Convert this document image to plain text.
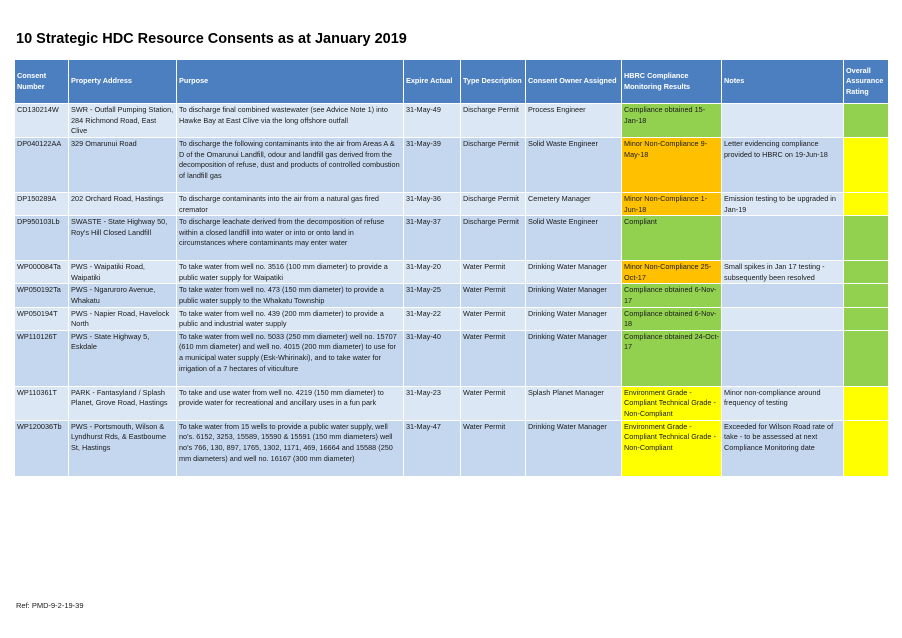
10 Strategic HDC Resource Consents as at January 2019
Consent Number	Property Address	Purpose	Expire Actual	Type Description	Consent Owner Assigned	HBRC Compliance Monitoring Results	Notes	Overall Assurance Rating
CD130214W	SWR - Outfall Pumping Station, 284 Richmond Road, East Clive	To discharge final combined wastewater (see Advice Note 1) into Hawke Bay at East Clive via the long offshore outfall	31-May-49	Discharge Permit	Process Engineer	Compliance obtained 15-Jan-18		
DP040122AA	329 Omarunui Road	To discharge the following contaminants into the air from Areas A & D of the Omarunui Landfill, odour and landfill gas derived from the decomposition of refuse, dust and products of controlled combustion of landfill gas	31-May-39	Discharge Permit	Solid Waste Engineer	Minor Non-Compliance 9-May-18	Letter evidencing compliance provided to HBRC on 19-Jun-18	
DP150289A	202 Orchard Road, Hastings	To discharge contaminants into the air from a natural gas fired cremator	31-May-36	Discharge Permit	Cemetery Manager	Minor Non-Compliance 1-Jun-18	Emission testing to be upgraded in Jan-19	
DP950103Lb	SWASTE - State Highway 50, Roy's Hill Closed Landfill	To discharge leachate derived from the decomposition of refuse within a closed landfill into water or into or onto land in circumstances where contaminants may enter water	31-May-37	Discharge Permit	Solid Waste Engineer	Compliant		
WP000084Ta	PWS - Waipatiki Road, Waipatiki	To take water from well no. 3516 (100 mm diameter) to provide a public water supply for Waipatiki	31-May-20	Water Permit	Drinking Water Manager	Minor Non-Compliance 25-Oct-17	Small spikes in Jan 17 testing - subsequently been resolved	
WP050192Ta	PWS - Ngaruroro Avenue, Whakatu	To take water from well no. 473 (150 mm diameter) to provide a public water supply to the Whakatu Township	31-May-25	Water Permit	Drinking Water Manager	Compliance obtained 6-Nov-17		
WP050194T	PWS - Napier Road, Havelock North	To take water from well no. 439 (200 mm diameter) to provide a public and industrial water supply	31-May-22	Water Permit	Drinking Water Manager	Compliance obtained 6-Nov-18		
WP110126T	PWS - State Highway 5, Eskdale	To take water from well no. 5033 (250 mm diameter) well no. 15707 (610 mm diameter) and well no. 4015 (200 mm diameter) to use for a municipal water supply (Esk-Whirinaki), and to take water for irrigation of a 7 hectares of viticulture	31-May-40	Water Permit	Drinking Water Manager	Compliance obtained 24-Oct-17		
WP110361T	PARK - Fantasyland / Splash Planet, Grove Road, Hastings	To take and use water from well no. 4219 (150 mm diameter) to provide water for recreational and ancillary uses in a fun park	31-May-23	Water Permit	Splash Planet Manager	Environment Grade - Compliant Technical Grade - Non-Compliant	Minor non-compliance around frequency of testing	
WP120036Tb	PWS - Portsmouth, Wilson & Lyndhurst Rds, & Eastbourne St, Hastings	To take water from 15 wells to provide a public water supply, well no's. 6152, 3253, 15589, 15590 & 15591 (150 mm diameters) well no's 766, 130, 897, 1765, 1302, 1171, 469, 16664 and 15588 (250 mm diameters) and well no. 16167 (300 mm diameter)	31-May-47	Water Permit	Drinking Water Manager	Environment Grade - Compliant Technical Grade - Non-Compliant	Exceeded for Wilson Road rate of take - to be assessed at next Compliance Monitoring date	
Ref: PMD-9-2-19-39
